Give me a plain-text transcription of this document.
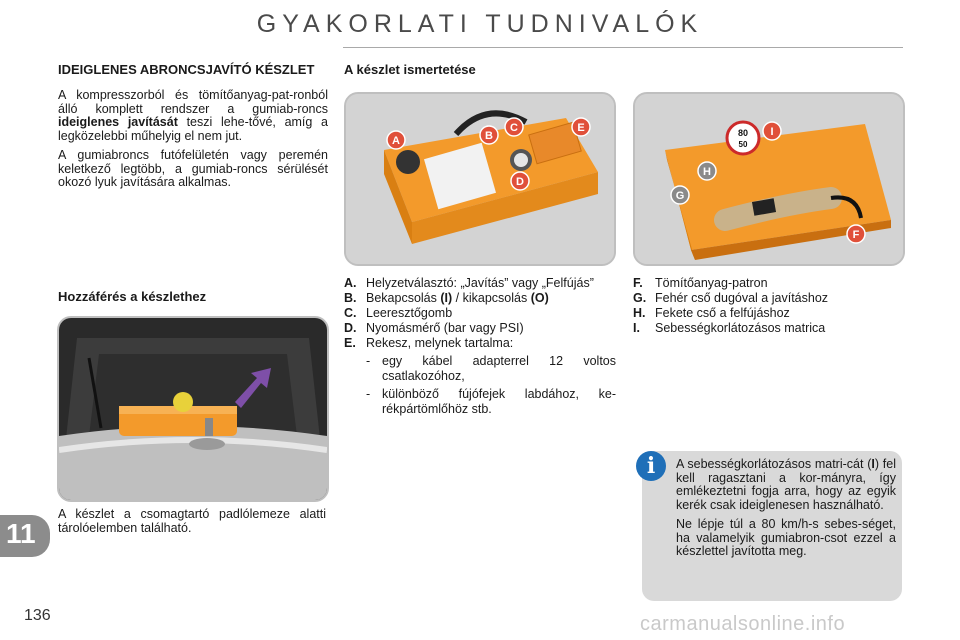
GYAKORLATI TUDNIVALÓK
IDEIGLENES ABRONCSJAVÍTÓ KÉSZLET

A kompresszorból és tömítőanyag-pat-ronból álló komplett rendszer a gumiab-roncs ideiglenes javítását teszi lehe-tővé, amíg a legközelebbi műhelyig el nem jut.

A gumiabroncs futófelületén vagy peremén keletkező legtöbb, a gumiab-roncs sérülését okozó lyuk javítására alkalmas.

Hozzáférés a készlethez

A készlet a csomagtartó padlólemeze alatti tárolóelemben található.

A készlet ismertetése
A	B
C
D
E	80
50
I
H
G
F
A. Helyzetválasztó: „Javítás” vagy „Felfújás”
B. Bekapcsolás (I) / kikapcsolás (O)
C. Leeresztőgomb
D. Nyomásmérő (bar vagy PSI)
E. Rekesz, melynek tartalma:
- egy kábel adapterrel 12 voltos csatlakozóhoz,
- különböző fújófejek labdához, ke-rékpártömlőhöz stb.
F. Tömítőanyag-patron
G. Fehér cső dugóval a javításhoz
H. Fekete cső a felfújáshoz
I.	Sebességkorlátozásos matrica
i	A sebességkorlátozásos matri-cát (I) fel kell ragasztani a kor-mányra, így emlékeztetni fogja arra, hogy az egyik kerék csak ideiglenesen használható.

Ne lépje túl a 80 km/h-s sebes-séget, ha valamelyik gumiabron-csot ezzel a készlettel javította meg.

11
136	carmanualsonline.info
